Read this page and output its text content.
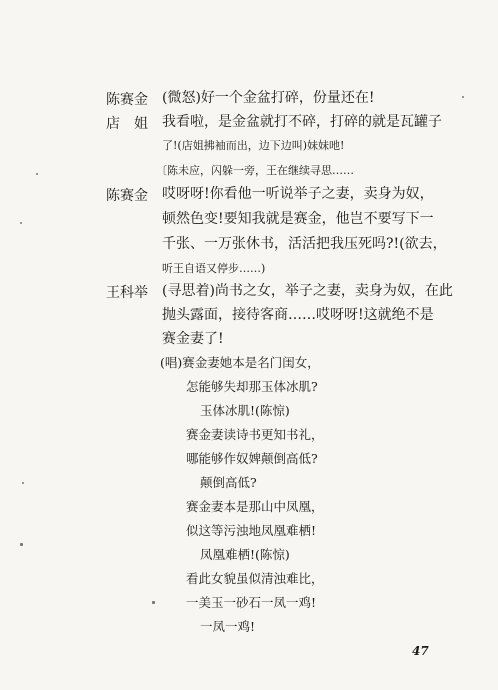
陈赛金 (微怒)好一个金盆打碎，份量还在!
店　姐 我看啦，是金盆就打不碎，打碎的就是瓦罐子
了!(店姐拂袖而出，边下边叫)妹妹吔!
〔陈未应，闪躲一旁，王在继续寻思……
陈赛金 哎呀呀!你看他一听说举子之妻，卖身为奴，
顿然色变!要知我就是赛金，他岂不要写下一
千张、一万张休书，活活把我压死吗?!(欲去，
听王自语又停步……)
王科举 (寻思着)尚书之女，举子之妻，卖身为奴，在此
抛头露面，接待客商……哎呀呀!这就绝不是
赛金妻了!
(唱)赛金妻她本是名门闺女，
怎能够失却那玉体冰肌?
玉体冰肌!(陈惊)
赛金妻读诗书更知书礼，
哪能够作奴婢颠倒高低?
颠倒高低?
赛金妻本是那山中凤凰，
似这等污浊地凤凰难栖!
凤凰难栖!(陈惊)
看此女貌虽似清浊难比，
一美玉一砂石一凤一鸡!
一凤一鸡!
47
